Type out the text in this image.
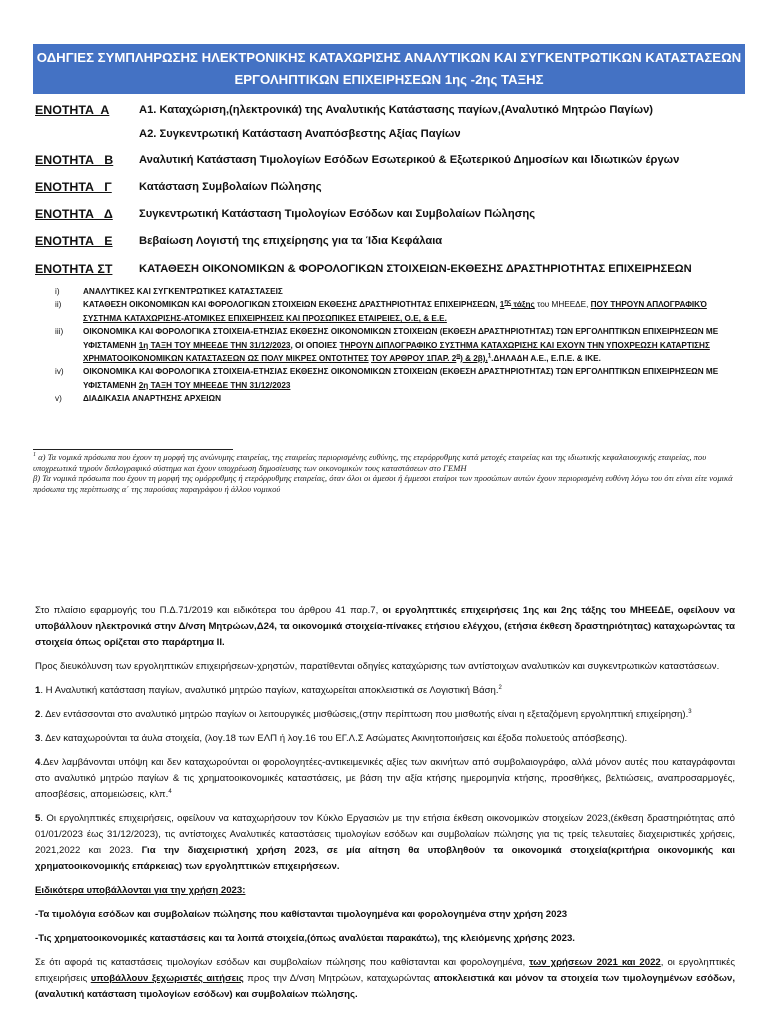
ΟΔΗΓΙΕΣ ΣΥΜΠΛΗΡΩΣΗΣ ΗΛΕΚΤΡΟΝΙΚΗΣ ΚΑΤΑΧΩΡΙΣΗΣ ΑΝΑΛΥΤΙΚΩΝ ΚΑΙ ΣΥΓΚΕΝΤΡΩΤΙΚΩΝ ΚΑΤΑΣΤΑΣΕΩΝ
ΕΡΓΟΛΗΠΤΙΚΩΝ ΕΠΙΧΕΙΡΗΣΕΩΝ 1ης -2ης ΤΑΞΗΣ
ΕΝΟΤΗΤΑ  Α	Α1. Καταχώριση,(ηλεκτρονικά) της Αναλυτικής Κατάστασης παγίων,(Αναλυτικό Μητρώο Παγίων)
Α2. Συγκεντρωτική Κατάσταση Αναπόσβεστης Αξίας Παγίων
ΕΝΟΤΗΤΑ   Β Αναλυτική Κατάσταση Τιμολογίων Εσόδων Εσωτερικού & Εξωτερικού Δημοσίων και Ιδιωτικών έργων
ΕΝΟΤΗΤΑ   Γ Κατάσταση Συμβολαίων Πώλησης
ΕΝΟΤΗΤΑ   Δ Συγκεντρωτική Κατάσταση Τιμολογίων Εσόδων και Συμβολαίων Πώλησης
ΕΝΟΤΗΤΑ   Ε Βεβαίωση Λογιστή της επιχείρησης για τα Ίδια Κεφάλαια
ΕΝΟΤΗΤΑ ΣΤ ΚΑΤΑΘΕΣΗ ΟΙΚΟΝΟΜΙΚΩΝ & ΦΟΡΟΛΟΓΙΚΩΝ ΣΤΟΙΧΕΙΩΝ-ΕΚΘΕΣΗΣ ΔΡΑΣΤΗΡΙΟΤΗΤΑΣ ΕΠΙΧΕΙΡΗΣΕΩΝ
i)	ΑΝΑΛΥΤΙΚΕΣ ΚΑΙ ΣΥΓΚΕΝΤΡΩΤΙΚΕΣ ΚΑΤΑΣΤΑΣΕΙΣ
ii)	ΚΑΤΑΘΕΣΗ ΟΙΚΟΝΟΜΙΚΩΝ ΚΑΙ ΦΟΡΟΛΟΓΙΚΩΝ ΣΤΟΙΧΕΙΩΝ ΕΚΘΕΣΗΣ ΔΡΑΣΤΗΡΙΟΤΗΤΑΣ ΕΠΙΧΕΙΡΗΣΕΩΝ, $1^{\eta\varsigma}$ τάξης του ΜΗΕΕΔΕ, ΠΟΥ ΤΗΡΟΥΝ ΑΠΛΟΓΡΑΦΙΚΌ ΣΥΣΤΗΜΑ ΚΑΤΑΧΩΡΙΣΗΣ-ΑΤΟΜΙΚΕΣ ΕΠΙΧΕΙΡΗΣΕΙΣ ΚΑΙ ΠΡΟΣΩΠΙΚΕΣ ΕΤΑΙΡΕΙΕΣ, Ο.Ε, & Ε.Ε.
iii) ΟΙΚΟΝΟΜΙΚΑ ΚΑΙ ΦΟΡΟΛΟΓΙΚΑ ΣΤΟΙΧΕΙΑ-ΕΤΗΣΙΑΣ ΕΚΘΕΣΗΣ ΟΙΚΟΝΟΜΙΚΩΝ ΣΤΟΙΧΕΙΩΝ (ΕΚΘΕΣΗ ΔΡΑΣΤΗΡΙΟΤΗΤΑΣ) ΤΩΝ ΕΡΓΟΛΗΠΤΙΚΩΝ ΕΠΙΧΕΙΡΗΣΕΩΝ ΜΕ ΥΦΙΣΤΑΜΕΝΗ 1η ΤΑΞΗ ΤΟΥ ΜΗΕΕΔΕ ΤΗΝ 31/12/2023, ΟΙ ΟΠΟΙΕΣ ΤΗΡΟΥΝ ΔΙΠΛΟΓΡΑΦΙΚΟ ΣΥΣΤΗΜΑ ΚΑΤΑΧΩΡΙΣΗΣ ΚΑΙ ΕΧΟΥΝ ΤΗΝ ΥΠΟΧΡΕΩΣΗ ΚΑΤΑΡΤΙΣΗΣ ΧΡΗΜΑΤΟΟΙΚΟΝΟΜΙΚΩΝ ΚΑΤΑΣΤΑΣΕΩΝ ΩΣ ΠΟΛΥ ΜΙΚΡΕΣ ΟΝΤΟΤΗΤΕΣ ΤΟΥ ΑΡΘΡΟΥ 1ΠΑΡ. $2^\alpha$) & 2β),$^1$.ΔΗΛΑΔΗ Α.Ε., Ε.Π.Ε. & ΙΚΕ.
iv) ΟΙΚΟΝΟΜΙΚΑ ΚΑΙ ΦΟΡΟΛΟΓΙΚΑ ΣΤΟΙΧΕΙΑ-ΕΤΗΣΙΑΣ ΕΚΘΕΣΗΣ ΟΙΚΟΝΟΜΙΚΩΝ ΣΤΟΙΧΕΙΩΝ (ΕΚΘΕΣΗ ΔΡΑΣΤΗΡΙΟΤΗΤΑΣ) ΤΩΝ ΕΡΓΟΛΗΠΤΙΚΩΝ ΕΠΙΧΕΙΡΗΣΕΩΝ ΜΕ ΥΦΙΣΤΑΜΕΝΗ 2η ΤΑΞΗ ΤΟΥ ΜΗΕΕΔΕ ΤΗΝ 31/12/2023
v)	ΔΙΑΔΙΚΑΣΙΑ ΑΝΑΡΤΗΣΗΣ ΑΡΧΕΙΩΝ
$^1$ α) Τα νομικά πρόσωπα που έχουν τη μορφή της ανώνυμης εταιρείας, της εταιρείας περιορισμένης ευθύνης, της ετερόρρυθμης κατά μετοχές εταιρείας και της ιδιωτικής κεφαλαιουχικής εταιρείας, που υποχρεωτικά τηρούν διπλογραφικό σύστημα και έχουν υποχρέωση δημοσίευσης των οικονομικών τους καταστάσεων στο ΓΕΜΗ
β) Τα νομικά πρόσωπα που έχουν τη μορφή της ομόρρυθμης ή ετερόρρυθμης εταιρείας, όταν όλοι οι άμεσοι ή έμμεσοι εταίροι των προσώπων αυτών έχουν περιορισμένη ευθύνη λόγω του ότι είναι είτε νομικά πρόσωπα της περίπτωσης α΄ της παρούσας παραγράφου ή άλλου νομικού

Στο πλαίσιο εφαρμογής του Π.Δ.71/2019 και ειδικότερα του άρθρου 41 παρ.7, οι εργοληπτικές επιχειρήσεις 1ης και 2ης τάξης του ΜΗΕΕΔΕ, οφείλουν να υποβάλλουν ηλεκτρονικά στην Δ/νση Μητρώων,Δ24, τα οικονομικά στοιχεία-πίνακες ετήσιου ελέγχου, (ετήσια έκθεση δραστηριότητας) καταχωρώντας τα στοιχεία όπως ορίζεται στο παράρτημα ΙΙ.

Προς διευκόλυνση των εργοληπτικών επιχειρήσεων-χρηστών, παρατίθενται οδηγίες καταχώρισης των αντίστοιχων αναλυτικών και συγκεντρωτικών καταστάσεων.

1. Η Αναλυτική κατάσταση παγίων, αναλυτικό μητρώο παγίων, καταχωρείται αποκλειστικά σε Λογιστική Βάση.$^2$

2. Δεν εντάσσονται στο αναλυτικό μητρώο παγίων οι λειτουργικές μισθώσεις,(στην περίπτωση που μισθωτής είναι η εξεταζόμενη εργοληπτική επιχείρηση).$^3$

3. Δεν καταχωρούνται τα άυλα στοιχεία, (λογ.18 των ΕΛΠ ή λογ.16 του ΕΓ.Λ.Σ Ασώματες Ακινητοποιήσεις και έξοδα πολυετούς απόσβεσης).

4.Δεν λαμβάνονται υπόψη και δεν καταχωρούνται οι φορολογητέες-αντικειμενικές αξίες των ακινήτων από συμβολαιογράφο, αλλά μόνον αυτές που καταγράφονται στο αναλυτικό μητρώο παγίων & τις χρηματοοικονομικές καταστάσεις, με βάση την αξία κτήσης ημερομηνία κτήσης, προσθήκες, βελτιώσεις, αναπροσαρμογές, αποσβέσεις, απομειώσεις, κλπ.$^4$

5. Οι εργοληπτικές επιχειρήσεις, οφείλουν να καταχωρήσουν τον Κύκλο Εργασιών με την ετήσια έκθεση οικονομικών στοιχείων 2023,(έκθεση δραστηριότητας από 01/01/2023 έως 31/12/2023), τις αντίστοιχες Αναλυτικές καταστάσεις τιμολογίων εσόδων και συμβολαίων πώλησης για τις τρείς τελευταίες διαχειριστικές χρήσεις, 2021,2022 και 2023. Για την διαχειριστική χρήση 2023, σε μία αίτηση θα υποβληθούν τα οικονομικά στοιχεία(κριτήρια οικονομικής και χρηματοοικονομικής επάρκειας) των εργοληπτικών επιχειρήσεων.

Ειδικότερα υποβάλλονται για την χρήση 2023:

-Τα τιμολόγια εσόδων και συμβολαίων πώλησης που καθίστανται τιμολογημένα και φορολογημένα στην χρήση 2023

-Τις χρηματοοικονομικές καταστάσεις και τα λοιπά στοιχεία,(όπως αναλύεται παρακάτω), της κλειόμενης χρήσης 2023.

Σε ότι αφορά τις καταστάσεις τιμολογίων εσόδων και συμβολαίων πώλησης που καθίστανται και φορολογημένα, των χρήσεων 2021 και 2022, οι εργοληπτικές επιχειρήσεις υποβάλλουν ξεχωριστές αιτήσεις προς την Δ/νση Μητρώων, καταχωρώντας αποκλειστικά και μόνον τα στοιχεία των τιμολογημένων εσόδων,(αναλυτική κατάσταση τιμολογίων εσόδων) και συμβολαίων πώλησης.
